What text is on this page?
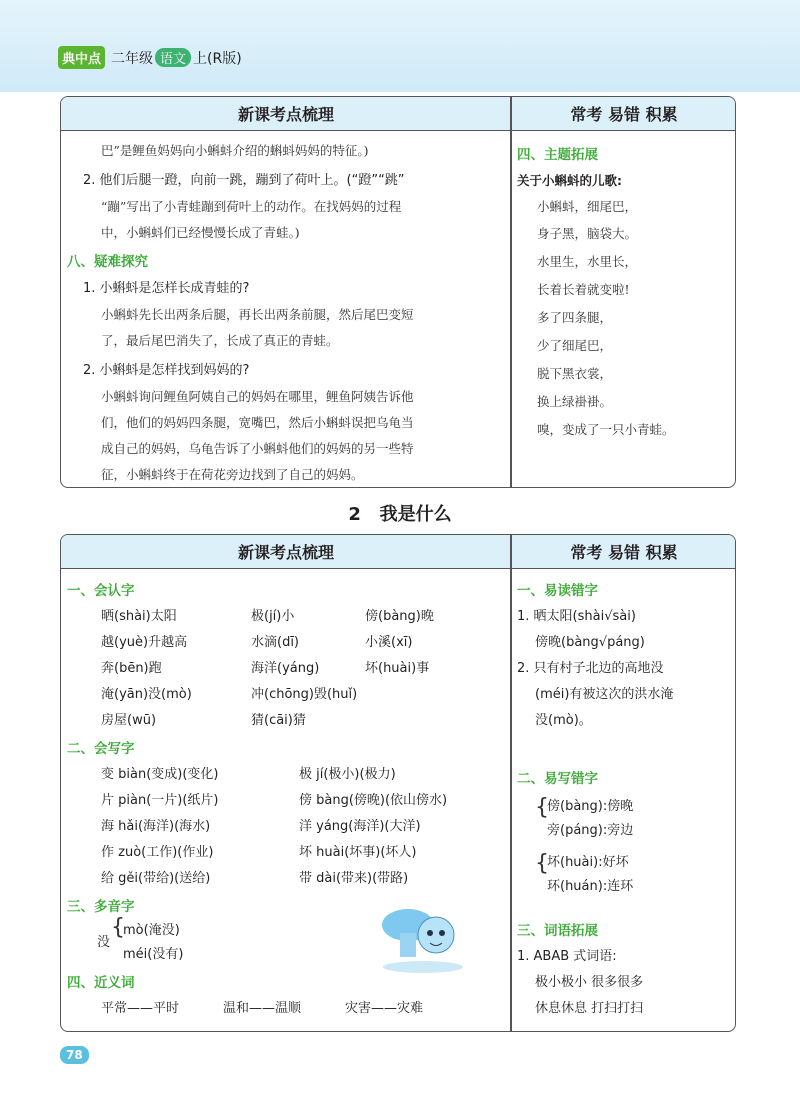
典中点 二年级 语文 上(R版)
新课考点梳理	常考 易错 积累
巴”是鲤鱼妈妈向小蝌蚪介绍的蝌蚪妈妈的特征。)
2. 他们后腿一蹬，向前一跳，蹦到了荷叶上。(“蹬”“跳”
“蹦”写出了小青蛙蹦到荷叶上的动作。在找妈妈的过程
中，小蝌蚪们已经慢慢长成了青蛙。)
八、疑难探究
1. 小蝌蚪是怎样长成青蛙的?
小蝌蚪先长出两条后腿，再长出两条前腿，然后尾巴变短
了，最后尾巴消失了，长成了真正的青蛙。
2. 小蝌蚪是怎样找到妈妈的?
小蝌蚪询问鲤鱼阿姨自己的妈妈在哪里，鲤鱼阿姨告诉他
们，他们的妈妈四条腿，宽嘴巴，然后小蝌蚪误把乌龟当
成自己的妈妈，乌龟告诉了小蝌蚪他们的妈妈的另一些特
征，小蝌蚪终于在荷花旁边找到了自己的妈妈。
四、主题拓展
关于小蝌蚪的儿歌:
小蝌蚪，细尾巴，
身子黑，脑袋大。
水里生，水里长，
长着长着就变啦!
多了四条腿，
少了细尾巴，
脱下黑衣裳，
换上绿褂褂。
嗅，变成了一只小青蛙。
2 我是什么
新课考点梳理	常考 易错 积累
一、会认字
晒(shài)太阳	极(jí)小	傍(bàng)晚
越(yuè)升越高	水滴(dī)	小溪(xī)
奔(bēn)跑	海洋(yáng)	坏(huài)事
淹(yān)没(mò)	冲(chōng)毁(huǐ)
房屋(wū)	猜(cāi)猜
二、会写字
变 biàn(变成)(变化)	极 jí(极小)(极力)
片 piàn(一片)(纸片)	傍 bàng(傍晚)(依山傍水)
海 hǎi(海洋)(海水)	洋 yáng(海洋)(大洋)
作 zuò(工作)(作业)	坏 huài(坏事)(坏人)
给 gěi(带给)(送给)	带 dài(带来)(带路)
三、多音字
没
{
mò(淹没)
méi(没有)
四、近义词
平常——平时	温和——温顺	灾害——灾难
一、易读错字
1. 晒太阳(shài√sài)
傍晚(bàng√páng)
2. 只有村子北边的高地没
(méi)有被这次的洪水淹
没(mò)。
二、易写错字
{
傍(bàng):傍晚
旁(páng):旁边
{
坏(huài):好坏
环(huán):连环
三、词语拓展
1. ABAB 式词语:
极小极小 很多很多
休息休息 打扫打扫
78
